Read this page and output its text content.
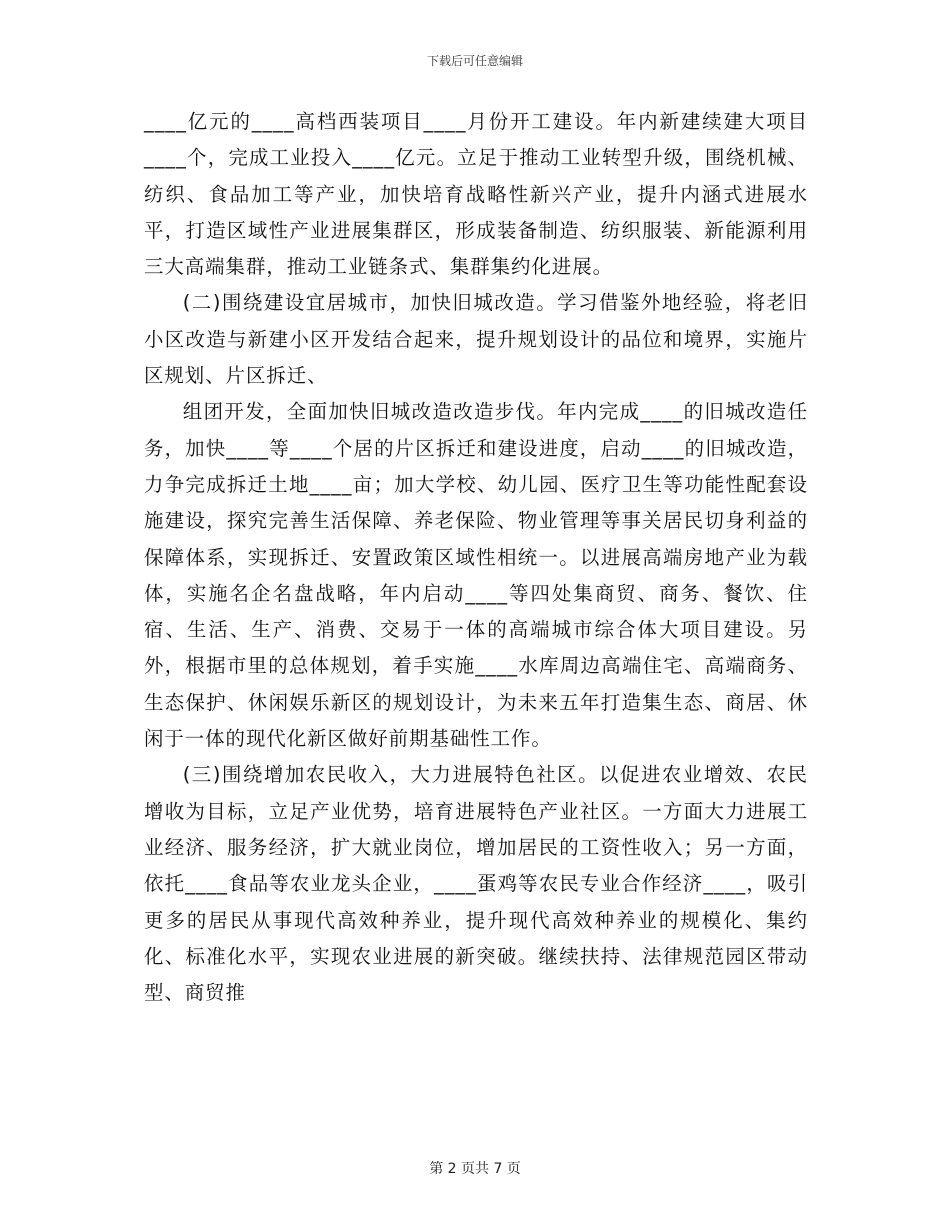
下载后可任意编辑

____亿元的____高档西装项目____月份开工建设。年内新建续建大项目____个，完成工业投入____亿元。立足于推动工业转型升级，围绕机械、纺织、食品加工等产业，加快培育战略性新兴产业，提升内涵式进展水平，打造区域性产业进展集群区，形成装备制造、纺织服装、新能源利用三大高端集群，推动工业链条式、集群集约化进展。

(二)围绕建设宜居城市，加快旧城改造。学习借鉴外地经验，将老旧小区改造与新建小区开发结合起来，提升规划设计的品位和境界，实施片区规划、片区拆迁、

组团开发，全面加快旧城改造改造步伐。年内完成____的旧城改造任务，加快____等____个居的片区拆迁和建设进度，启动____的旧城改造，力争完成拆迁土地____亩；加大学校、幼儿园、医疗卫生等功能性配套设施建设，探究完善生活保障、养老保险、物业管理等事关居民切身利益的保障体系，实现拆迁、安置政策区域性相统一。以进展高端房地产业为载体，实施名企名盘战略，年内启动____等四处集商贸、商务、餐饮、住宿、生活、生产、消费、交易于一体的高端城市综合体大项目建设。另外，根据市里的总体规划，着手实施____水库周边高端住宅、高端商务、生态保护、休闲娱乐新区的规划设计，为未来五年打造集生态、商居、休闲于一体的现代化新区做好前期基础性工作。

(三)围绕增加农民收入，大力进展特色社区。以促进农业增效、农民增收为目标，立足产业优势，培育进展特色产业社区。一方面大力进展工业经济、服务经济，扩大就业岗位，增加居民的工资性收入；另一方面，依托____食品等农业龙头企业，____蛋鸡等农民专业合作经济____，吸引更多的居民从事现代高效种养业，提升现代高效种养业的规模化、集约化、标准化水平，实现农业进展的新突破。继续扶持、法律规范园区带动型、商贸推

第 2 页共 7 页
